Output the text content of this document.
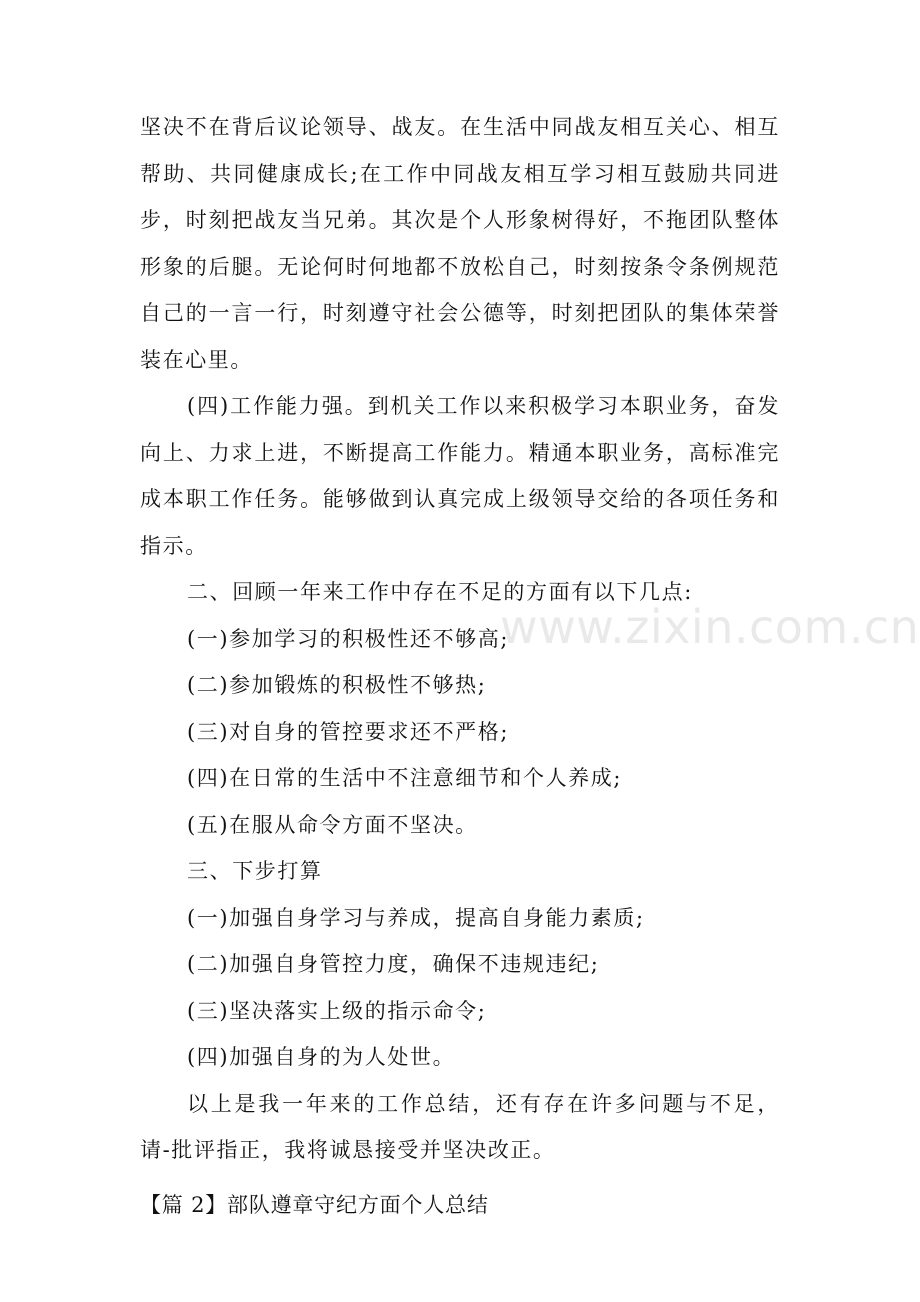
坚决不在背后议论领导、战友。在生活中同战友相互关心、相互帮助、共同健康成长;在工作中同战友相互学习相互鼓励共同进步，时刻把战友当兄弟。其次是个人形象树得好，不拖团队整体形象的后腿。无论何时何地都不放松自己，时刻按条令条例规范自己的一言一行，时刻遵守社会公德等，时刻把团队的集体荣誉装在心里。

(四)工作能力强。到机关工作以来积极学习本职业务，奋发向上、力求上进，不断提高工作能力。精通本职业务，高标准完成本职工作任务。能够做到认真完成上级领导交给的各项任务和指示。

二、回顾一年来工作中存在不足的方面有以下几点:

(一)参加学习的积极性还不够高;

(二)参加锻炼的积极性不够热;

(三)对自身的管控要求还不严格;

(四)在日常的生活中不注意细节和个人养成;

(五)在服从命令方面不坚决。

三、下步打算

(一)加强自身学习与养成，提高自身能力素质;

(二)加强自身管控力度，确保不违规违纪;

(三)坚决落实上级的指示命令;

(四)加强自身的为人处世。

以上是我一年来的工作总结，还有存在许多问题与不足，请-批评指正，我将诚恳接受并坚决改正。

【篇 2】部队遵章守纪方面个人总结

www.zixin.com.cn
